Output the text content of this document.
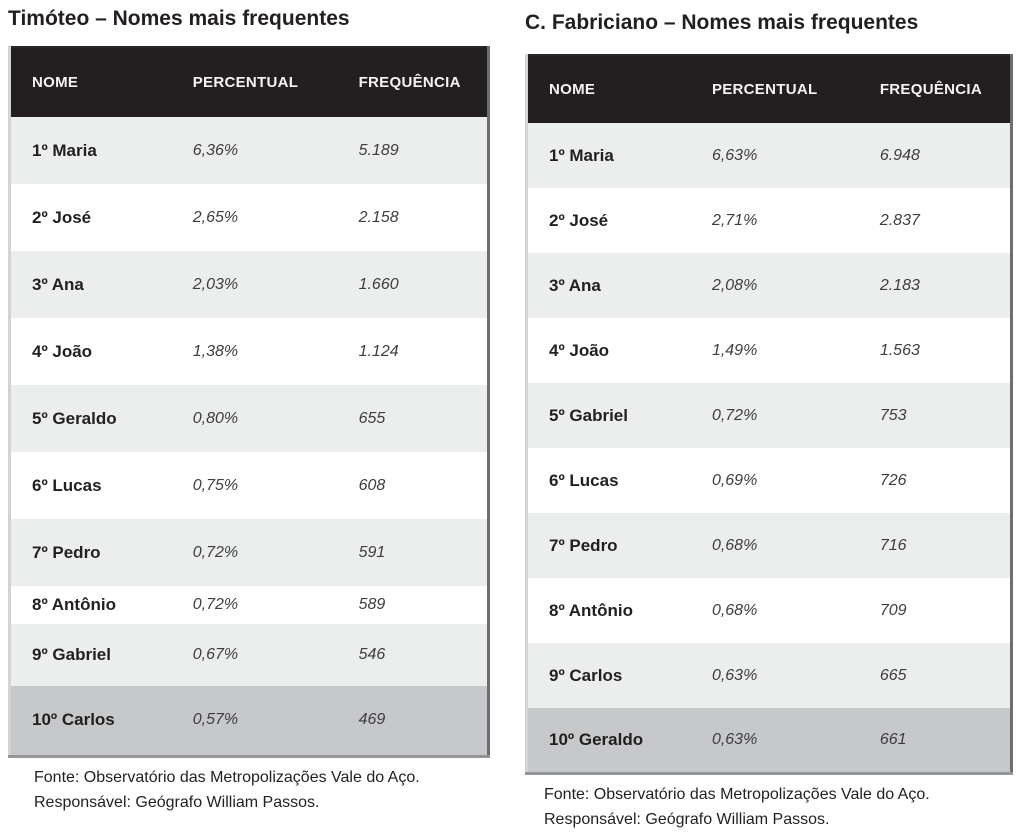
Timóteo – Nomes mais frequentes
NOME	PERCENTUAL	FREQUÊNCIA
1º Maria	6,36%	5.189
2º José	2,65%	2.158
3º Ana	2,03%	1.660
4º João	1,38%	1.124
5º Geraldo	0,80%	655
6º Lucas	0,75%	608
7º Pedro	0,72%	591
8º Antônio	0,72%	589
9º Gabriel	0,67%	546
10º Carlos	0,57%	469

Fonte: Observatório das Metropolizações Vale do Aço.

Responsável: Geógrafo William Passos.

C. Fabriciano – Nomes mais frequentes
NOME	PERCENTUAL	FREQUÊNCIA
1º Maria	6,63%	6.948
2º José	2,71%	2.837
3º Ana	2,08%	2.183
4º João	1,49%	1.563
5º Gabriel	0,72%	753
6º Lucas	0,69%	726
7º Pedro	0,68%	716
8º Antônio	0,68%	709
9º Carlos	0,63%	665
10º Geraldo	0,63%	661

Fonte: Observatório das Metropolizações Vale do Aço.

Responsável: Geógrafo William Passos.
